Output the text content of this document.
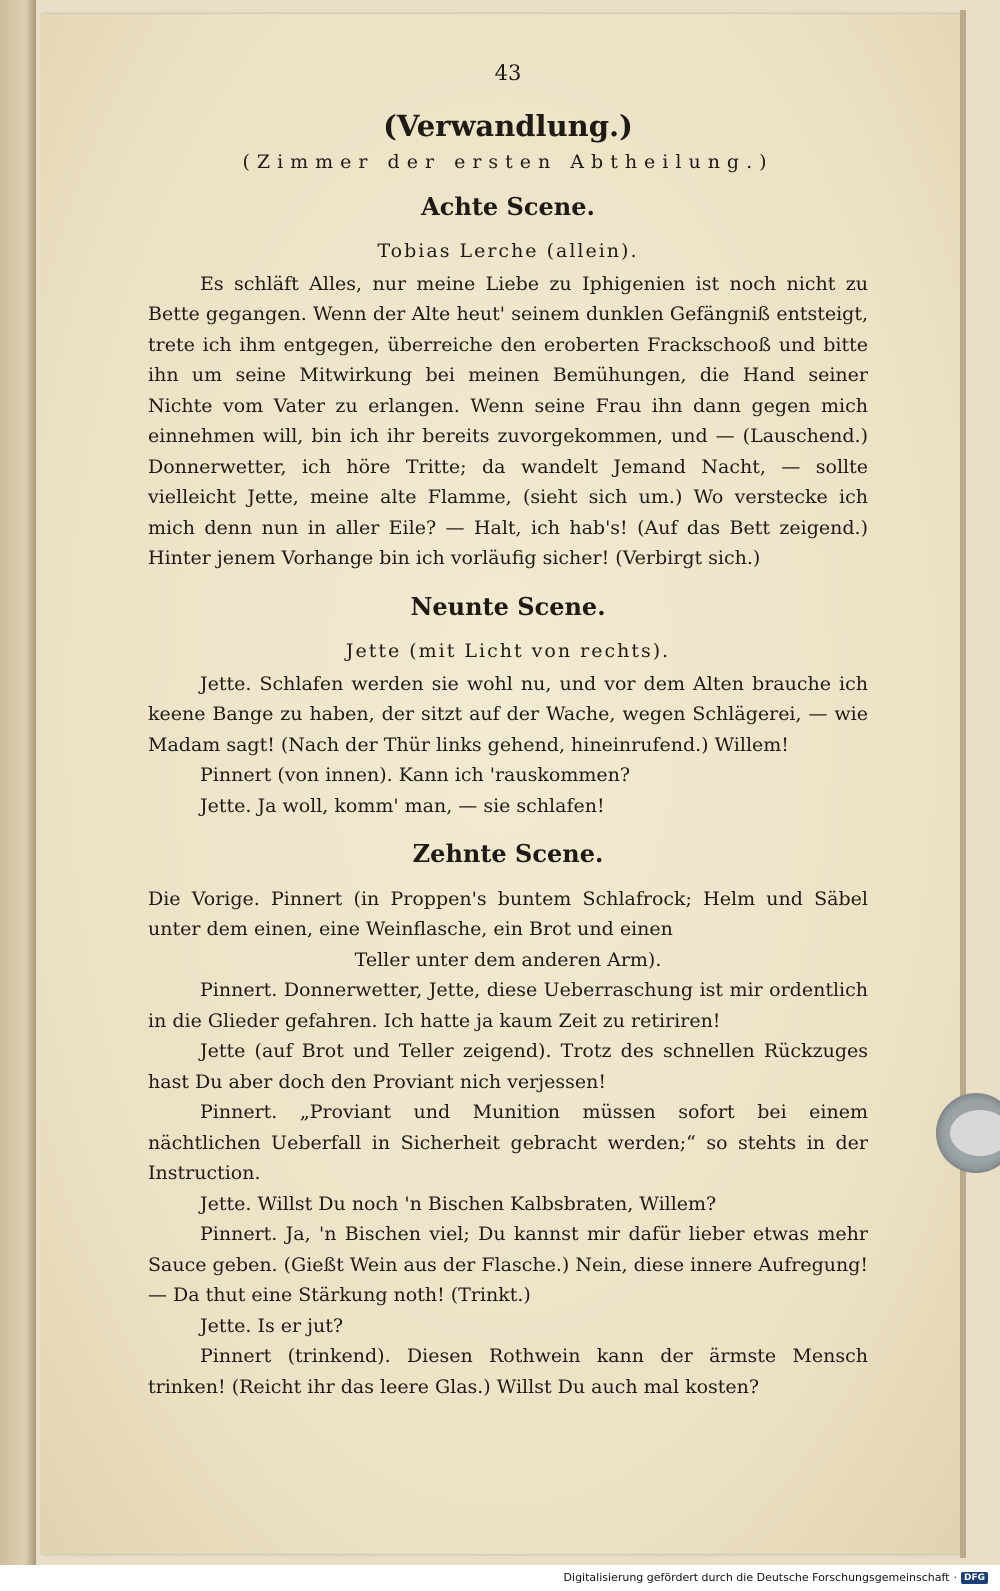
43
(Verwandlung.)
(Zimmer der ersten Abtheilung.)
Achte Scene.
Tobias Lerche (allein).

Es schläft Alles, nur meine Liebe zu Iphigenien ist noch nicht zu Bette gegangen. Wenn der Alte heut' seinem dunklen Gefängniß entsteigt, trete ich ihm entgegen, überreiche den eroberten Frackschooß und bitte ihn um seine Mitwirkung bei meinen Bemühungen, die Hand seiner Nichte vom Vater zu erlangen. Wenn seine Frau ihn dann gegen mich einnehmen will, bin ich ihr bereits zuvorgekommen, und — (Lauschend.) Donnerwetter, ich höre Tritte; da wandelt Jemand Nacht, — sollte vielleicht Jette, meine alte Flamme, (sieht sich um.) Wo verstecke ich mich denn nun in aller Eile? — Halt, ich hab's! (Auf das Bett zeigend.) Hinter jenem Vorhange bin ich vorläufig sicher! (Verbirgt sich.)

Neunte Scene.
Jette (mit Licht von rechts).

Jette. Schlafen werden sie wohl nu, und vor dem Alten brauche ich keene Bange zu haben, der sitzt auf der Wache, wegen Schlägerei, — wie Madam sagt! (Nach der Thür links gehend, hineinrufend.) Willem!

Pinnert (von innen). Kann ich 'rauskommen?

Jette. Ja woll, komm' man, — sie schlafen!

Zehnte Scene.

Die Vorige. Pinnert (in Proppen's buntem Schlafrock; Helm und Säbel unter dem einen, eine Weinflasche, ein Brot und einen

Teller unter dem anderen Arm).

Pinnert. Donnerwetter, Jette, diese Ueberraschung ist mir ordentlich in die Glieder gefahren. Ich hatte ja kaum Zeit zu retiriren!

Jette (auf Brot und Teller zeigend). Trotz des schnellen Rückzuges hast Du aber doch den Proviant nich verjessen!

Pinnert. „Proviant und Munition müssen sofort bei einem nächtlichen Ueberfall in Sicherheit gebracht werden;“ so stehts in der Instruction.

Jette. Willst Du noch 'n Bischen Kalbsbraten, Willem?

Pinnert. Ja, 'n Bischen viel; Du kannst mir dafür lieber etwas mehr Sauce geben. (Gießt Wein aus der Flasche.) Nein, diese innere Aufregung! — Da thut eine Stärkung noth! (Trinkt.)

Jette. Is er jut?

Pinnert (trinkend). Diesen Rothwein kann der ärmste Mensch trinken! (Reicht ihr das leere Glas.) Willst Du auch mal kosten?

Digitalisierung gefördert durch die Deutsche Forschungsgemeinschaft · DFG
